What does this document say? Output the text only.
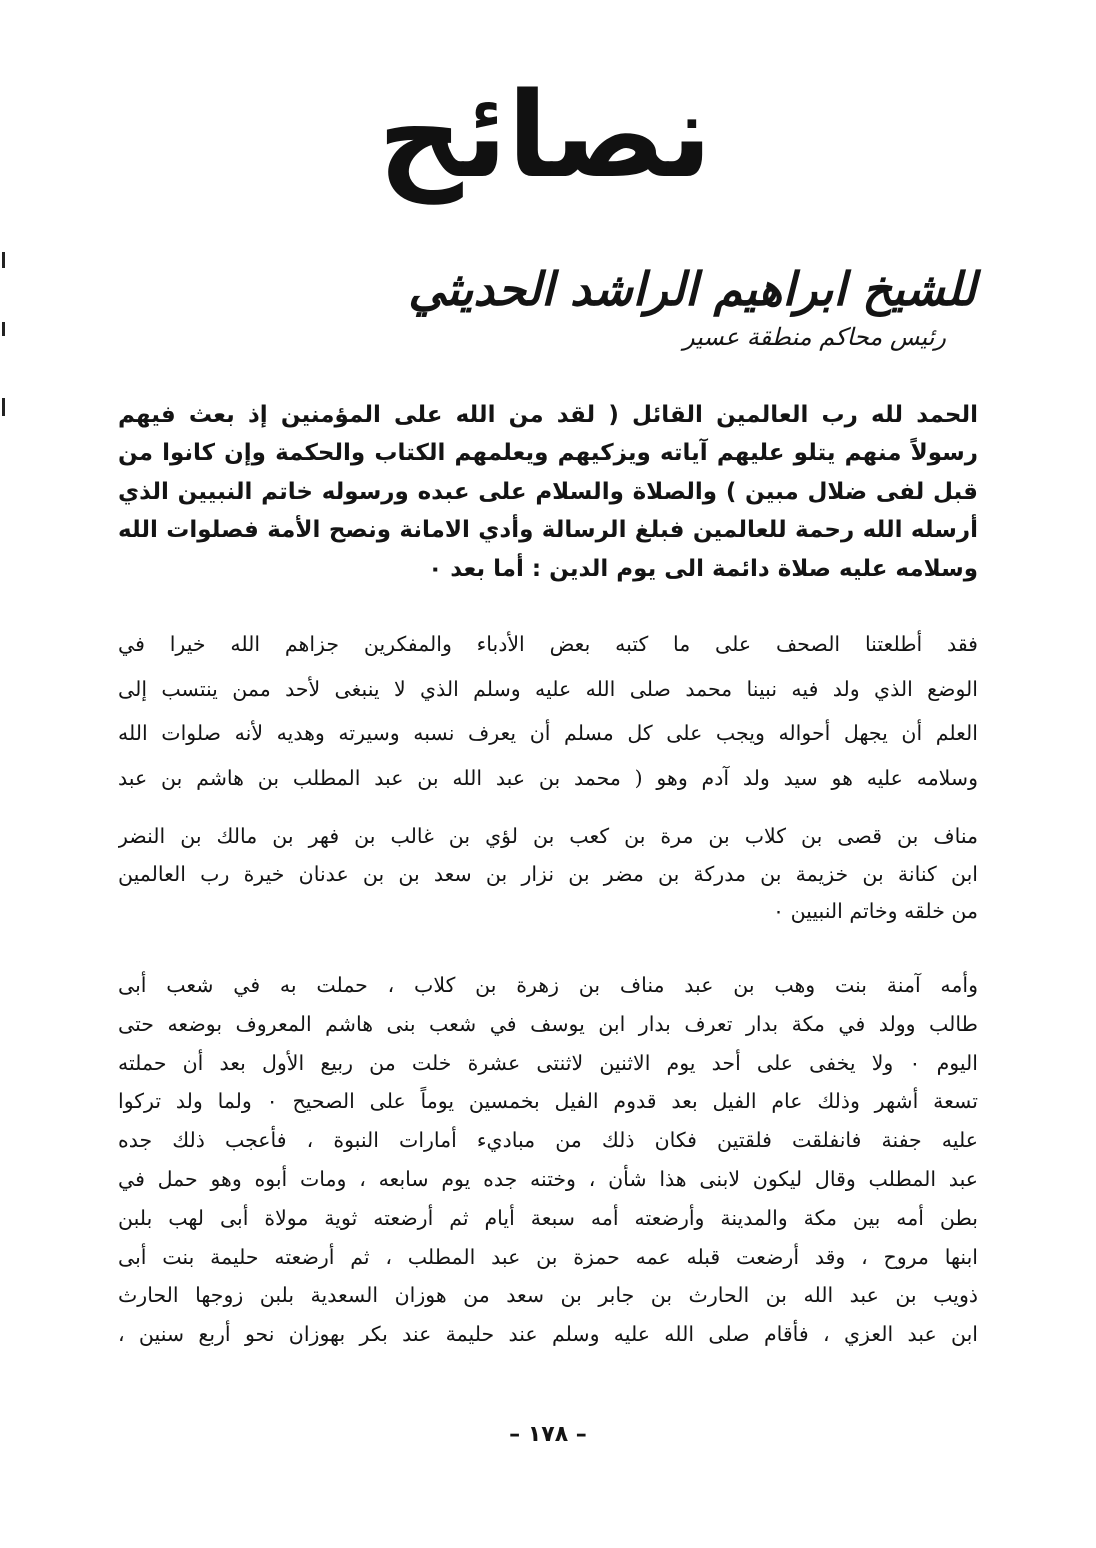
نصائح
للشيخ ابراهيم الراشد الحديثي
رئيس محاكم منطقة عسير
الحمد لله رب العالمين القائل ( لقد من الله على المؤمنين إذ بعث فيهم
رسولاً منهم يتلو عليهم آياته ويزكيهم ويعلمهم الكتاب والحكمة وإن كانوا من
قبل لفى ضلال مبين ) والصلاة والسلام على عبده ورسوله خاتم النبيين الذي
أرسله الله رحمة للعالمين فبلغ الرسالة وأدي الامانة ونصح الأمة فصلوات الله
وسلامه عليه صلاة دائمة الى يوم الدين : أما بعد ٠
فقد أطلعتنا الصحف على ما كتبه بعض الأدباء والمفكرين جزاهم الله خيرا في
الوضع الذي ولد فيه نبينا محمد صلى الله عليه وسلم الذي لا ينبغى لأحد ممن ينتسب إلى
العلم أن يجهل أحواله ويجب على كل مسلم أن يعرف نسبه وسيرته وهديه لأنه صلوات الله
وسلامه عليه هو سيد ولد آدم وهو ( محمد بن عبد الله بن عبد المطلب بن هاشم بن عبد
مناف بن قصى بن كلاب بن مرة بن كعب بن لؤي بن غالب بن فهر بن مالك بن النضر
ابن كنانة بن خزيمة بن مدركة بن مضر بن نزار بن سعد بن بن عدنان خيرة رب العالمين
من خلقه وخاتم النبيين ٠
وأمه آمنة بنت وهب بن عبد مناف بن زهرة بن كلاب ، حملت به في شعب أبى
طالب وولد في مكة بدار تعرف بدار ابن يوسف في شعب بنى هاشم المعروف بوضعه حتى
اليوم ٠ ولا يخفى على أحد يوم الاثنين لاثنتى عشرة خلت من ربيع الأول بعد أن حملته
تسعة أشهر وذلك عام الفيل بعد قدوم الفيل بخمسين يوماً على الصحيح ٠ ولما ولد تركوا
عليه جفنة فانفلقت فلقتين فكان ذلك من مباديء أمارات النبوة ، فأعجب ذلك جده
عبد المطلب وقال ليكون لابنى هذا شأن ، وختنه جده يوم سابعه ، ومات أبوه وهو حمل في
بطن أمه بين مكة والمدينة وأرضعته أمه سبعة أيام ثم أرضعته ثوية مولاة أبى لهب بلبن
ابنها مروح ، وقد أرضعت قبله عمه حمزة بن عبد المطلب ، ثم أرضعته حليمة بنت أبى
ذويب بن عبد الله بن الحارث بن جابر بن سعد من هوزان السعدية بلبن زوجها الحارث
ابن عبد العزي ، فأقام صلى الله عليه وسلم عند حليمة عند بكر بهوزان نحو أربع سنين ،
– ١٧٨ –
